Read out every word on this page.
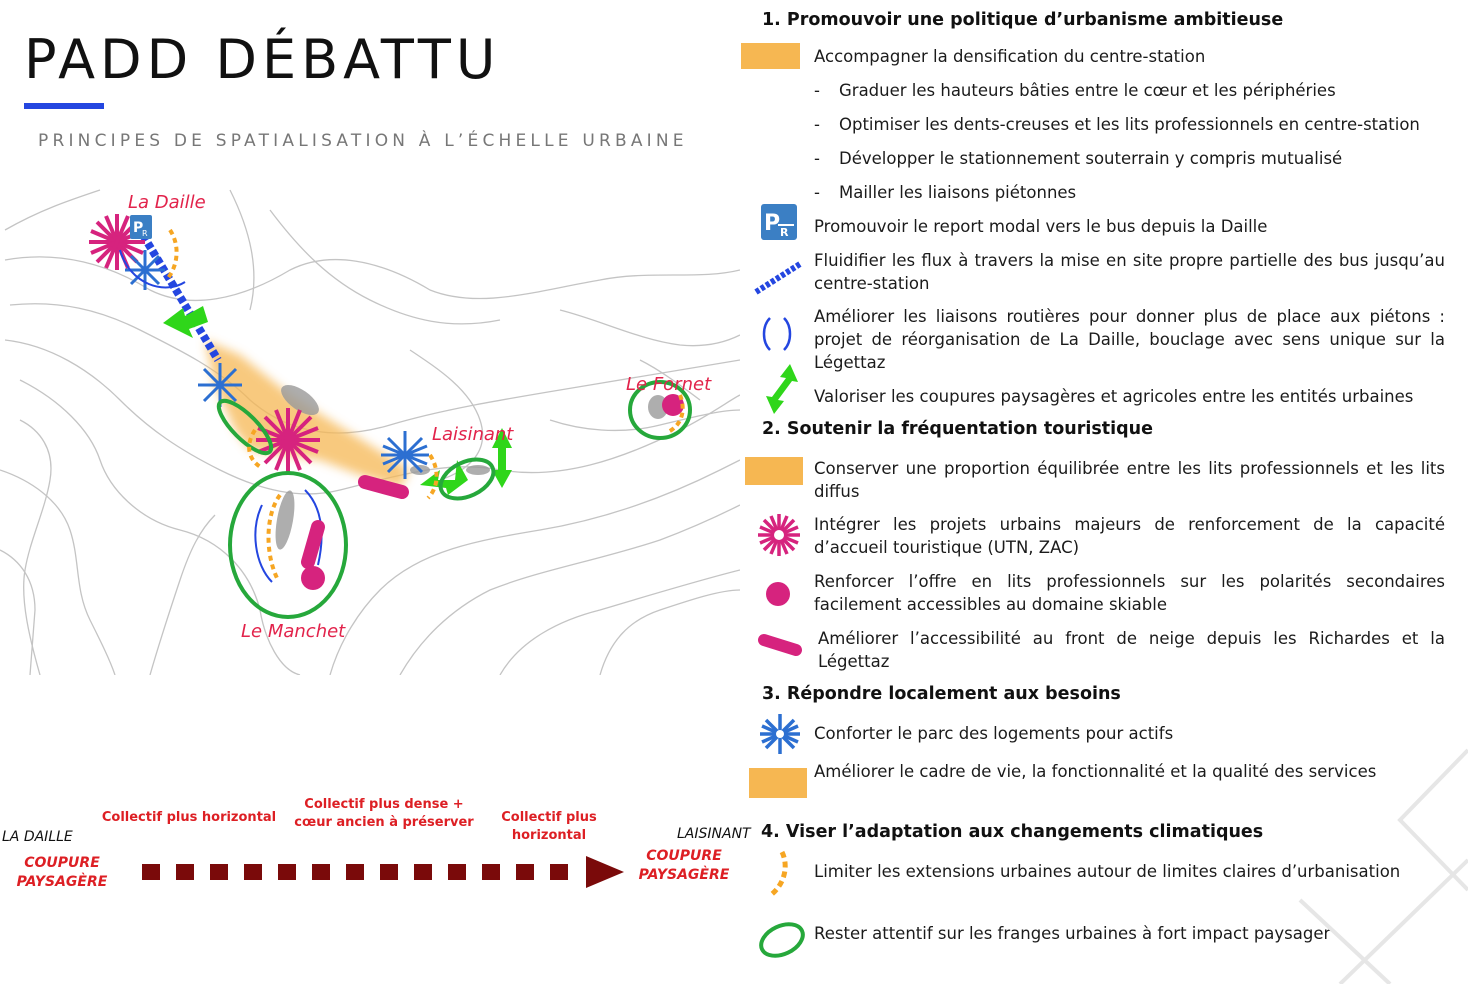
PADD DÉBATTU
PRINCIPES DE SPATIALISATION À L’ÉCHELLE URBAINE
P
R
La Daille
Laisinant
Le Fornet
Le Manchet
1. Promouvoir une politique d’urbanisme ambitieuse
Accompagner la densification du centre-station
- Graduer les hauteurs bâties entre le cœur et les périphéries
- Optimiser les dents-creuses et les lits professionnels en centre-station
- Développer le stationnement souterrain y compris mutualisé
- Mailler les liaisons piétonnes
P R Promouvoir le report modal vers le bus depuis la Daille
Fluidifier les flux à travers la mise en site propre partielle des bus jusqu’au centre-station
Améliorer les liaisons routières pour donner plus de place aux piétons : projet de réorganisation de La Daille, bouclage avec sens unique sur la Légettaz
Valoriser les coupures paysagères et agricoles entre les entités urbaines
2. Soutenir la fréquentation touristique
Conserver une proportion équilibrée entre les lits professionnels et les lits diffus
Intégrer les projets urbains majeurs de renforcement de la capacité d’accueil touristique (UTN, ZAC)
Renforcer l’offre en lits professionnels sur les polarités secondaires facilement accessibles au domaine skiable
Améliorer l’accessibilité au front de neige depuis les Richardes et la Légettaz
3. Répondre localement aux besoins
Conforter le parc des logements pour actifs
Améliorer le cadre de vie, la fonctionnalité et la qualité des services
4. Viser l’adaptation aux changements climatiques
Limiter les extensions urbaines autour de limites claires d’urbanisation
Rester attentif sur les franges urbaines à fort impact paysager
LA DAILLE
COUPURE
PAYSAGÈRE
Collectif plus horizontal
Collectif plus dense +
cœur ancien à préserver	Collectif plus
horizontal	LAISINANT
COUPURE
PAYSAGÈRE
